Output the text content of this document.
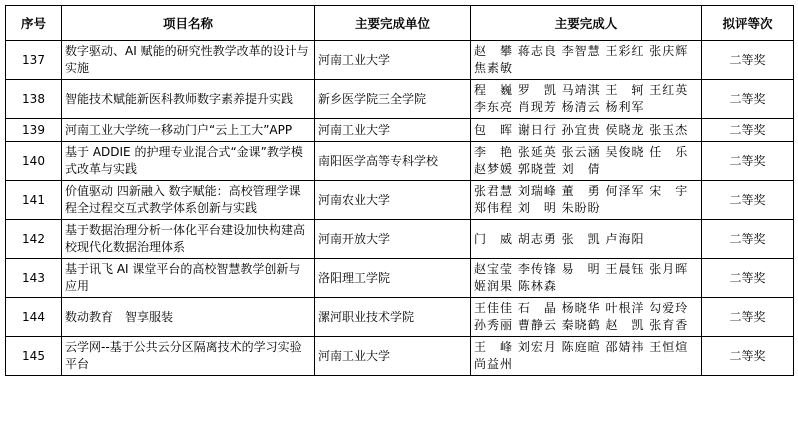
序号	项目名称	主要完成单位	主要完成人	拟评等次
137	数字驱动、AI 赋能的研究性教学改革的设计与实施	河南工业大学	赵　攀 蒋志良 李智慧 王彩红 张庆辉 焦素敏	二等奖
138	智能技术赋能新医科教师数字素养提升实践	新乡医学院三全学院	程　巍 罗　凯 马靖淇 王　轲 王红英 李东亮 肖现芳 杨清云 杨利军	二等奖
139	河南工业大学统一移动门户“云上工大”APP	河南工业大学	包　晖 谢日行 孙宜贵 侯晓龙 张玉杰	二等奖
140	基于 ADDIE 的护理专业混合式“金课”教学模式改革与实践	南阳医学高等专科学校	李　艳 张延英 张云涵 吴俊晓 任　乐 赵梦媛 郭晓萱 刘　倩	二等奖
141	价值驱动 四新融入 数字赋能：高校管理学课程全过程交互式教学体系创新与实践	河南农业大学	张君慧 刘瑞峰 董　勇 何泽军 宋　宇 郑伟程 刘　明 朱盼盼	二等奖
142	基于数据治理分析一体化平台建设加快构建高校现代化数据治理体系	河南开放大学	门　威 胡志勇 张　凯 卢海阳	二等奖
143	基于讯飞 AI 课堂平台的高校智慧教学创新与应用	洛阳理工学院	赵宝莹 李传锋 易　明 王晨钰 张月晖 姬润果 陈林森	二等奖
144	数动教育　智享服装	漯河职业技术学院	王佳佳 石　晶 杨晓华 叶根洋 勾爱玲 孙秀丽 曹静云 秦晓鹤 赵　凯 张育香	二等奖
145	云学网--基于公共云分区隔离技术的学习实验平台	河南工业大学	王　峰 刘宏月 陈庭暄 邵婧祎 王恒煊 尚益州	二等奖
